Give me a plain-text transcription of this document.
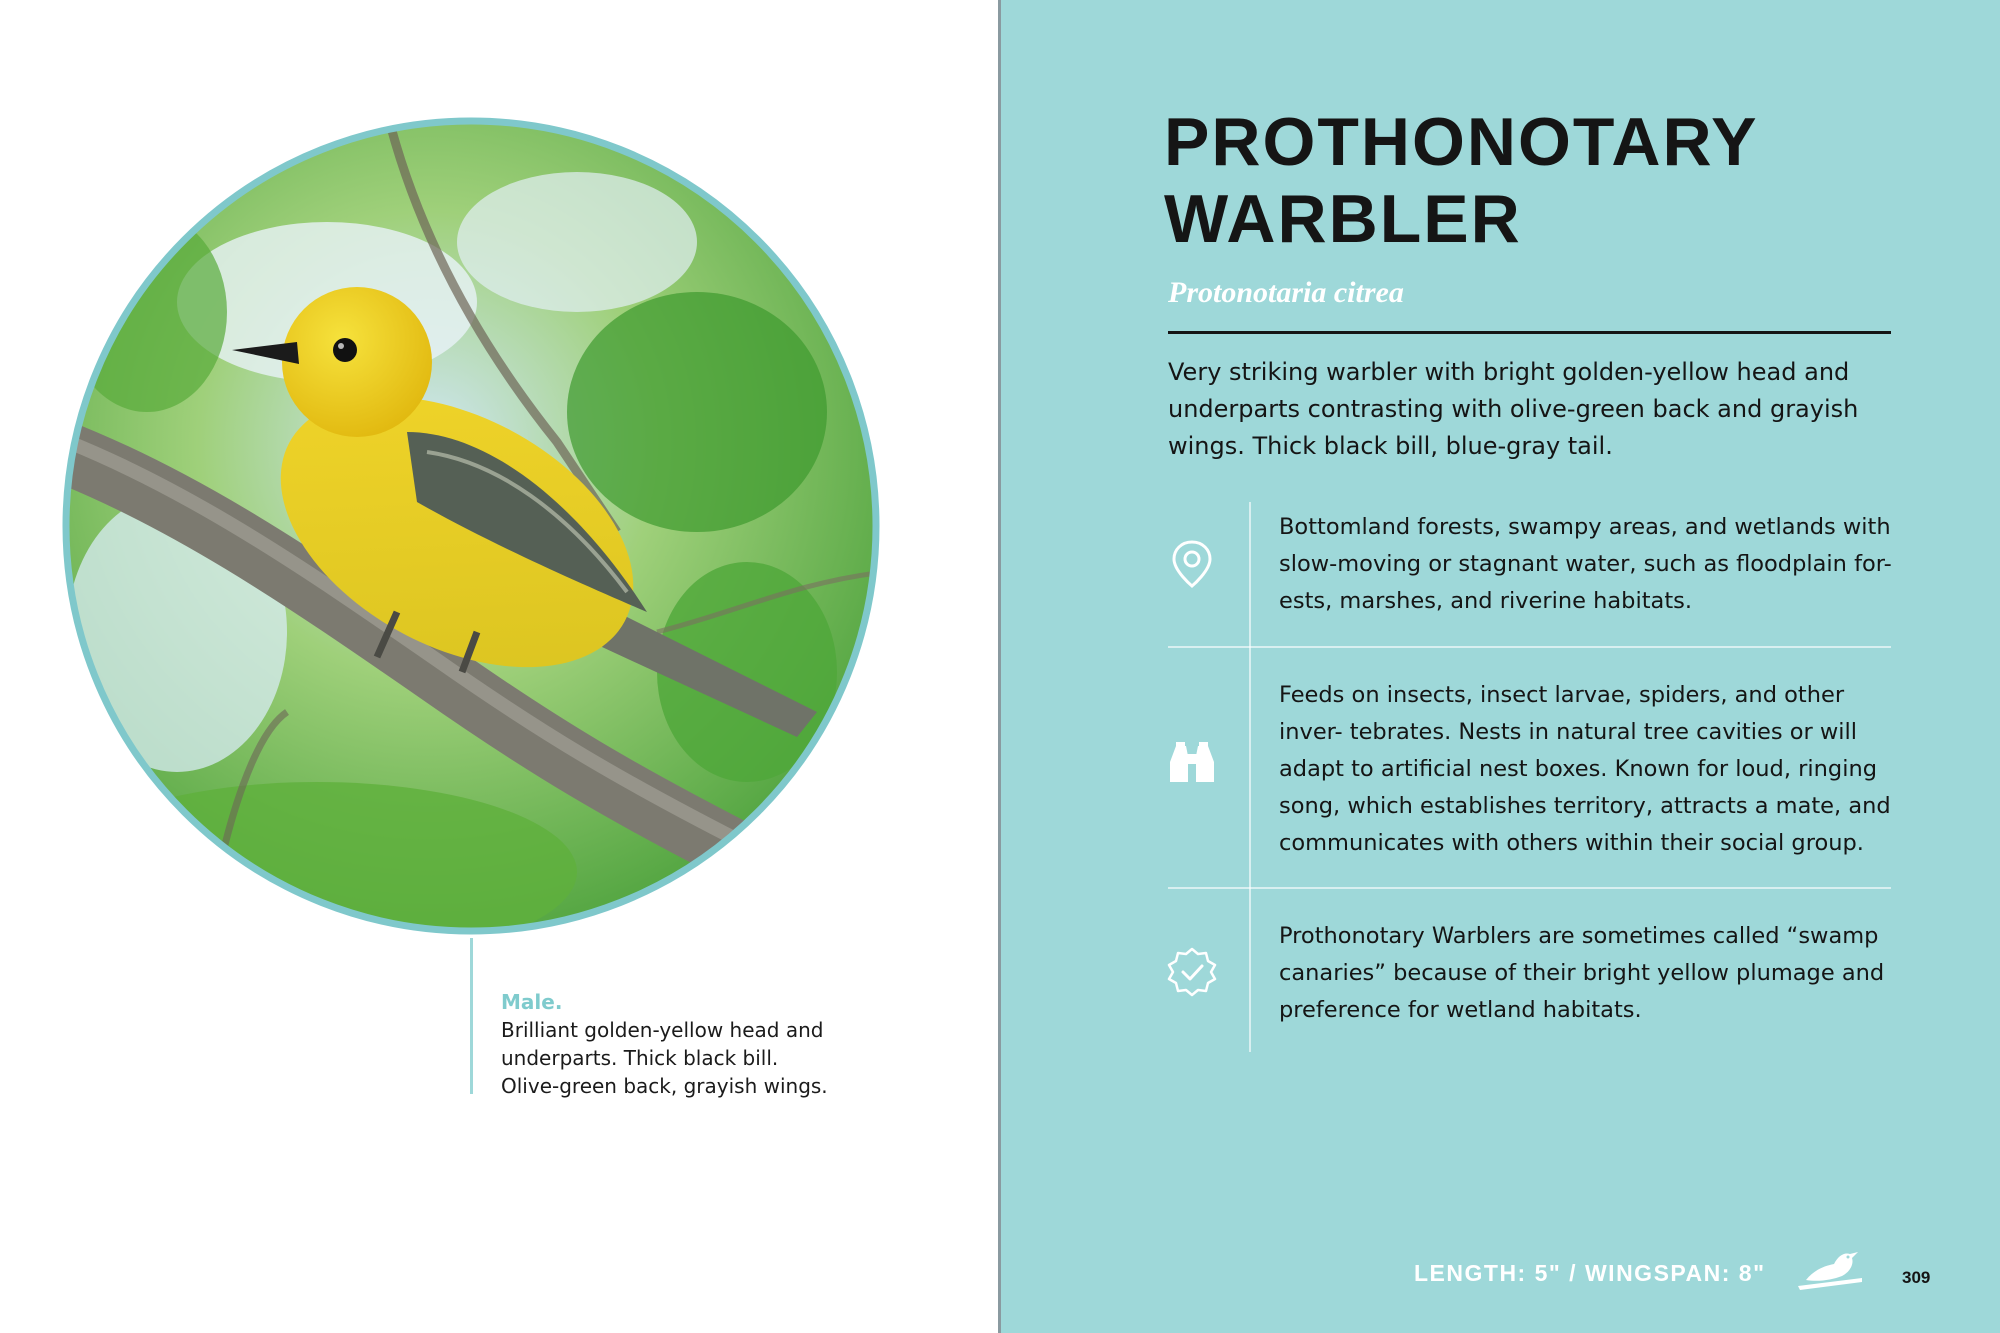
Male.
Brilliant golden-yellow head and underparts. Thick black bill. Olive-green back, grayish wings.
PROTHONOTARY
WARBLER
Protonotaria citrea
Very striking warbler with bright golden-yellow head and underparts contrasting with olive-green back and grayish wings. Thick black bill, blue-gray tail.
Bottomland forests, swampy areas, and wetlands with slow-moving or stagnant water, such as floodplain for- ests, marshes, and riverine habitats.
Feeds on insects, insect larvae, spiders, and other inver- tebrates. Nests in natural tree cavities or will adapt to artificial nest boxes. Known for loud, ringing song, which establishes territory, attracts a mate, and communicates with others within their social group.
Prothonotary Warblers are sometimes called “swamp canaries” because of their bright yellow plumage and preference for wetland habitats.
LENGTH: 5" / WINGSPAN: 8"	309
